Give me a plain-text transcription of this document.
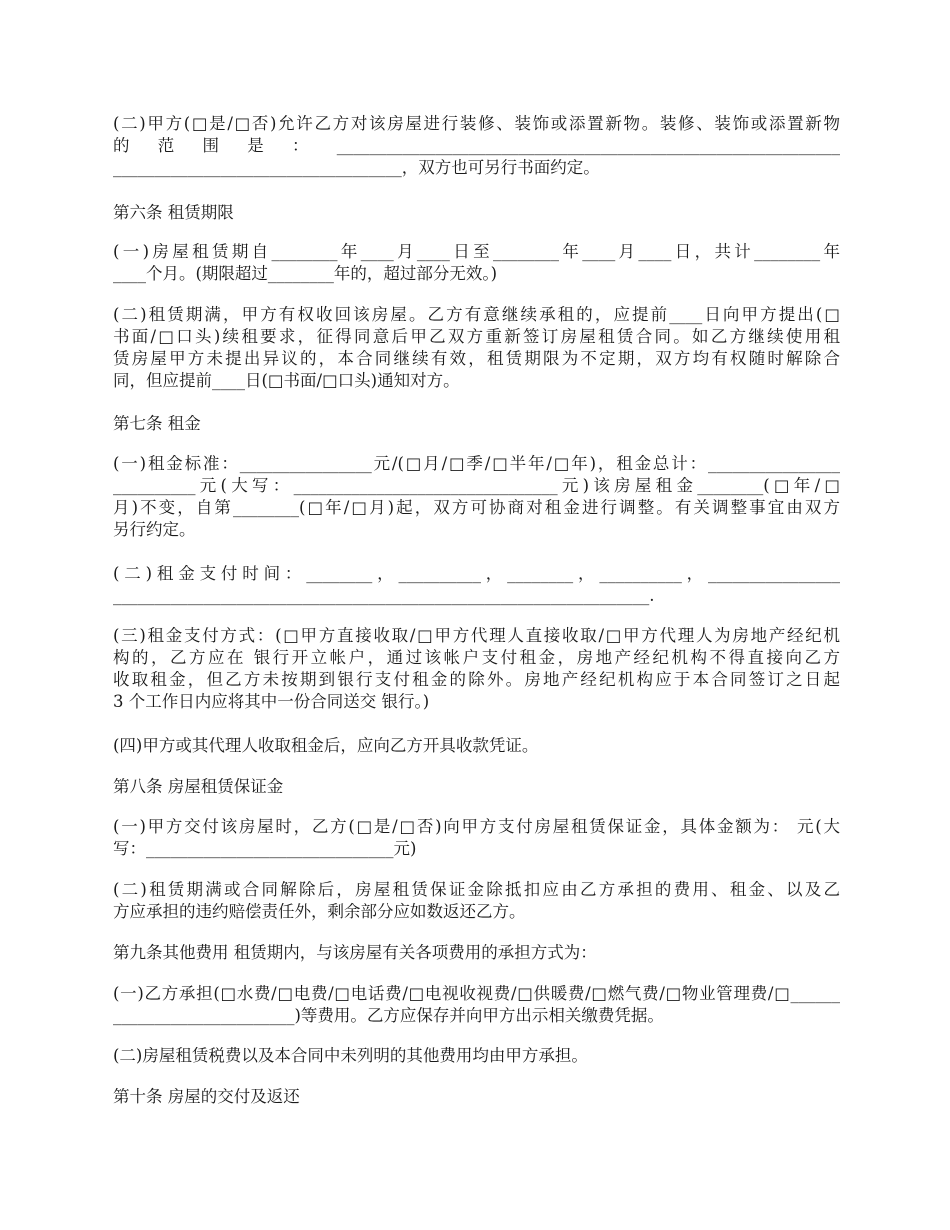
(二)甲方(□是/□否)允许乙方对该房屋进行装修、装饰或添置新物。装修、装饰或添置新物
的范围是：_____________________________________________________________
___________________________________，双方也可另行书面约定。
第六条 租赁期限
(一)房屋租赁期自________年____月____日至________年____月____日，共计________年
____个月。(期限超过________年的，超过部分无效。)
(二)租赁期满，甲方有权收回该房屋。乙方有意继续承租的，应提前____日向甲方提出(□
书面/□口头)续租要求，征得同意后甲乙双方重新签订房屋租赁合同。如乙方继续使用租
赁房屋甲方未提出异议的，本合同继续有效，租赁期限为不定期，双方均有权随时解除合
同，但应提前____日(□书面/□口头)通知对方。
第七条 租金
(一)租金标准：________________元/(□月/□季/□半年/□年)，租金总计：________________
__________元(大写：________________________________元)该房屋租金________(□年/□
月)不变，自第________(□年/□月)起，双方可协商对租金进行调整。有关调整事宜由双方
另行约定。
(二)租金支付时间：________，__________，________，__________，________________
_________________________________________________________________.
(三)租金支付方式：(□甲方直接收取/□甲方代理人直接收取/□甲方代理人为房地产经纪机
构的，乙方应在 银行开立帐户，通过该帐户支付租金，房地产经纪机构不得直接向乙方
收取租金，但乙方未按期到银行支付租金的除外。房地产经纪机构应于本合同签订之日起
3 个工作日内应将其中一份合同送交 银行。)
(四)甲方或其代理人收取租金后，应向乙方开具收款凭证。
第八条 房屋租赁保证金
(一)甲方交付该房屋时，乙方(□是/□否)向甲方支付房屋租赁保证金，具体金额为： 元(大
写：______________________________元)
(二)租赁期满或合同解除后，房屋租赁保证金除抵扣应由乙方承担的费用、租金、以及乙
方应承担的违约赔偿责任外，剩余部分应如数返还乙方。
第九条其他费用 租赁期内，与该房屋有关各项费用的承担方式为：
(一)乙方承担(□水费/□电费/□电话费/□电视收视费/□供暖费/□燃气费/□物业管理费/□______
______________________)等费用。乙方应保存并向甲方出示相关缴费凭据。
(二)房屋租赁税费以及本合同中未列明的其他费用均由甲方承担。
第十条 房屋的交付及返还
